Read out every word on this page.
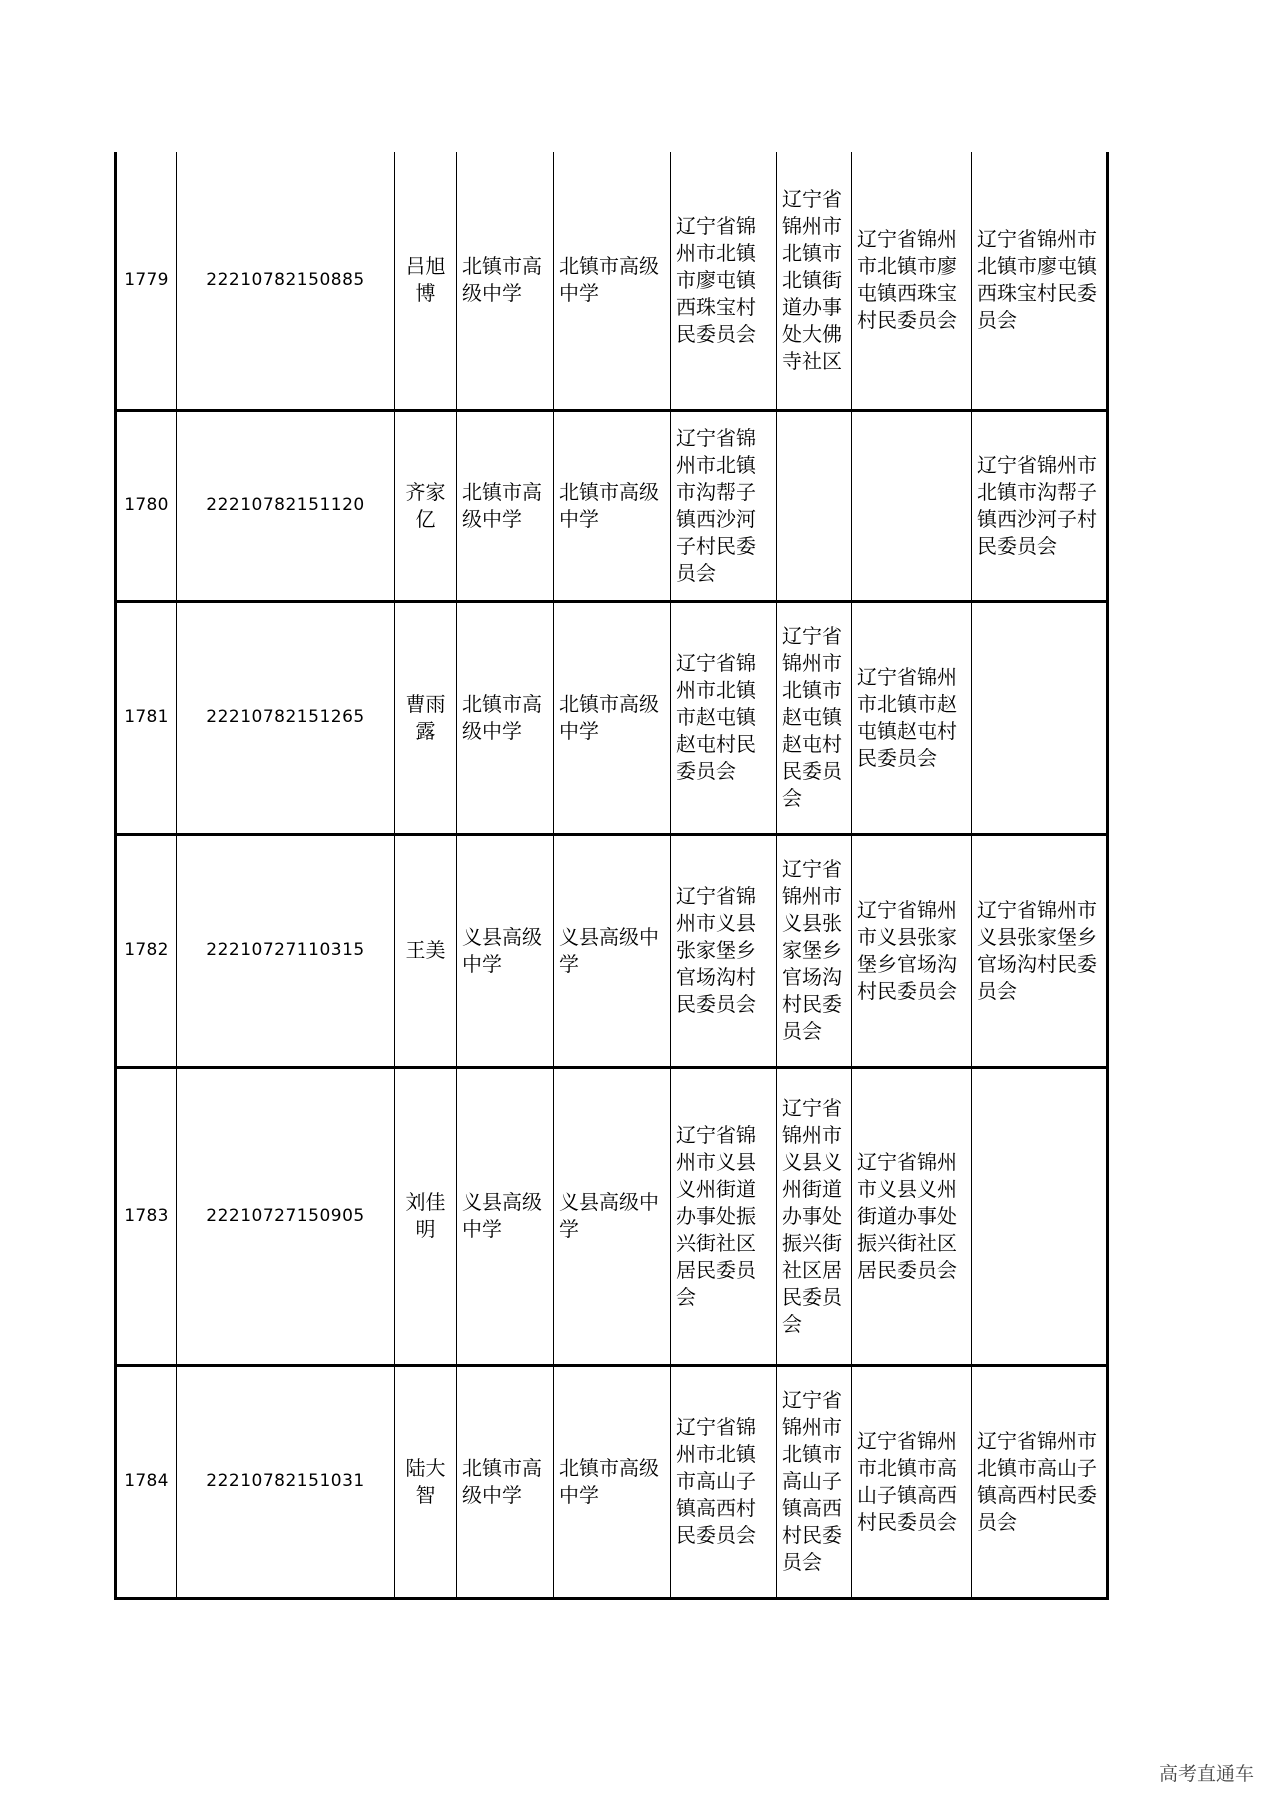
1779	22210782150885	吕旭博	北镇市高级中学	北镇市高级中学	辽宁省锦州市北镇市廖屯镇西珠宝村民委员会	辽宁省锦州市北镇市北镇街道办事处大佛寺社区	辽宁省锦州市北镇市廖屯镇西珠宝村民委员会	辽宁省锦州市北镇市廖屯镇西珠宝村民委员会
1780	22210782151120	齐家亿	北镇市高级中学	北镇市高级中学	辽宁省锦州市北镇市沟帮子镇西沙河子村民委员会			辽宁省锦州市北镇市沟帮子镇西沙河子村民委员会
1781	22210782151265	曹雨露	北镇市高级中学	北镇市高级中学	辽宁省锦州市北镇市赵屯镇赵屯村民委员会	辽宁省锦州市北镇市赵屯镇赵屯村民委员会	辽宁省锦州市北镇市赵屯镇赵屯村民委员会	
1782	22210727110315	王美	义县高级中学	义县高级中学	辽宁省锦州市义县张家堡乡官场沟村民委员会	辽宁省锦州市义县张家堡乡官场沟村民委员会	辽宁省锦州市义县张家堡乡官场沟村民委员会	辽宁省锦州市义县张家堡乡官场沟村民委员会
1783	22210727150905	刘佳明	义县高级中学	义县高级中学	辽宁省锦州市义县义州街道办事处振兴街社区居民委员会	辽宁省锦州市义县义州街道办事处振兴街社区居民委员会	辽宁省锦州市义县义州街道办事处振兴街社区居民委员会	
1784	22210782151031	陆大智	北镇市高级中学	北镇市高级中学	辽宁省锦州市北镇市高山子镇高西村民委员会	辽宁省锦州市北镇市高山子镇高西村民委员会	辽宁省锦州市北镇市高山子镇高西村民委员会	辽宁省锦州市北镇市高山子镇高西村民委员会
高考直通车
